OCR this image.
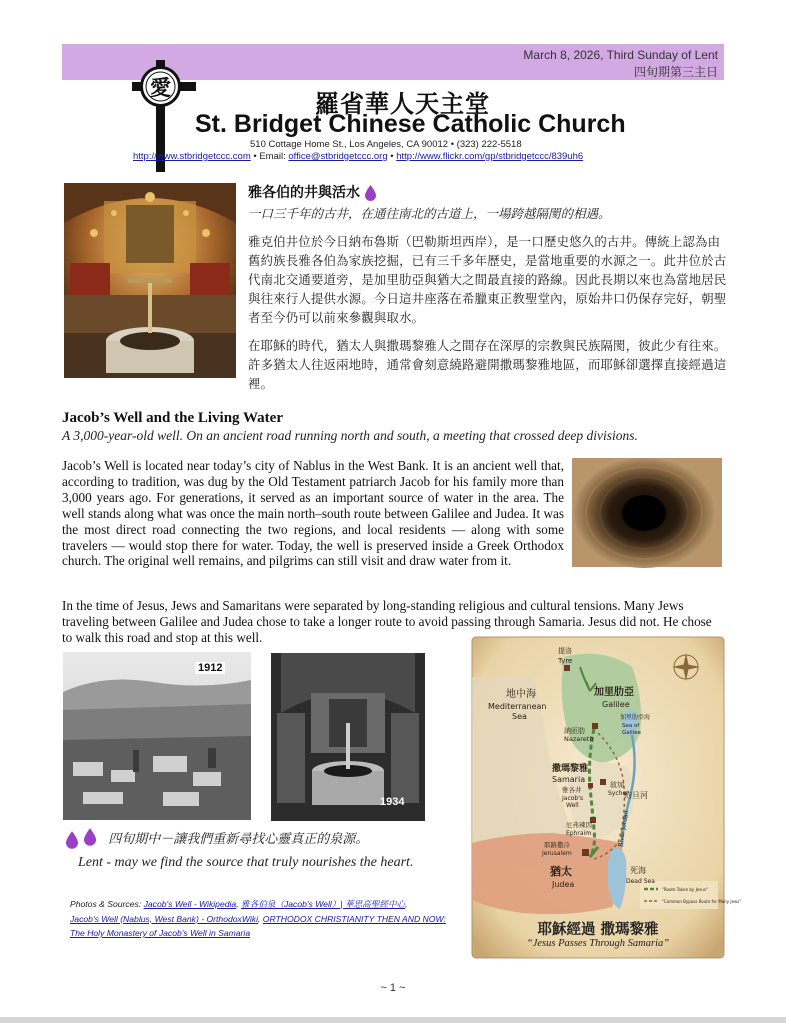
March 8, 2026, Third Sunday of Lent
四旬期第三主日
愛
羅省華人天主堂
St. Bridget Chinese Catholic Church
510 Cottage Home St., Los Angeles, CA 90012 • (323) 222-5518
http://www.stbridgetccc.com • Email: office@stbridgetccc.org • http://www.flickr.com/gp/stbridgetccc/839uh6
雅各伯的井與活水
一口三千年的古井，在通往南北的古道上，一場跨越隔閡的相遇。

雅克伯井位於今日納布魯斯（巴勒斯坦西岸），是一口歷史悠久的古井。傳統上認為由舊約族長雅各伯為家族挖掘，已有三千多年歷史，是當地重要的水源之一。此井位於古代南北交通要道旁，是加里肋亞與猶大之間最直接的路線。因此長期以來也為當地居民與往來行人提供水源。今日這井座落在希臘東正教聖堂內，原始井口仍保存完好，朝聖者至今仍可以前來參觀與取水。

在耶穌的時代，猶太人與撒瑪黎雅人之間存在深厚的宗教與民族隔閡，彼此少有往來。許多猶太人往返兩地時，通常會刻意繞路避開撒瑪黎雅地區，而耶穌卻選擇直接經過這裡。

Jacob’s Well and the Living Water
A 3,000-year-old well. On an ancient road running north and south, a meeting that crossed deep divisions.

Jacob’s Well is located near today’s city of Nablus in the West Bank. It is an ancient well that, according to tradition, was dug by the Old Testament patriarch Jacob for his family more than 3,000 years ago. For generations, it served as an important source of water in the area. The well stands along what was once the main north–south route between Galilee and Judea. It was the most direct road connecting the two regions, and local residents — along with some travelers — would stop there for water. Today, the well is preserved inside a Greek Orthodox church. The original well remains, and pilgrims can still visit and draw water from it.

In the time of Jesus, Jews and Samaritans were separated by long-standing religious and cultural tensions. Many Jews traveling between Galilee and Judea chose to take a longer route to avoid passing through Samaria. Jesus did not. He chose to walk this road and stop at this well.

1912
1934
四旬期中－讓我們重新尋找心靈真正的泉源。
Lent - may we find the source that truly nourishes the heart.
Photos & Sources: Jacob's Well - Wikipedia, 雅各伯泉（Jacob's Well）| 華思高聖經中心,
Jacob's Well (Nablus, West Bank) - OrthodoxWiki, ORTHODOX CHRISTIANITY THEN AND NOW: The Holy Monastery of Jacob's Well in Samaria
提洛
Tyre
地中海
Mediterranean
Sea
加里肋亞
Galilee
加里肋亞海
Sea of
Galilee
納匝肋
Nazareth
撒瑪黎雅
Samaria
敘加
Sychor
雅各井
Jacob's
Well
約旦河
River Jordan
厄弗辣因
Ephraim
耶路撒冷
Jerusalem
猶太
Judea
死海
Dead Sea
"Route Taken by Jesus"
"Common Bypass Route for Many Jews"
耶穌經過 撒瑪黎雅
“Jesus Passes Through Samaria”
~ 1 ~
